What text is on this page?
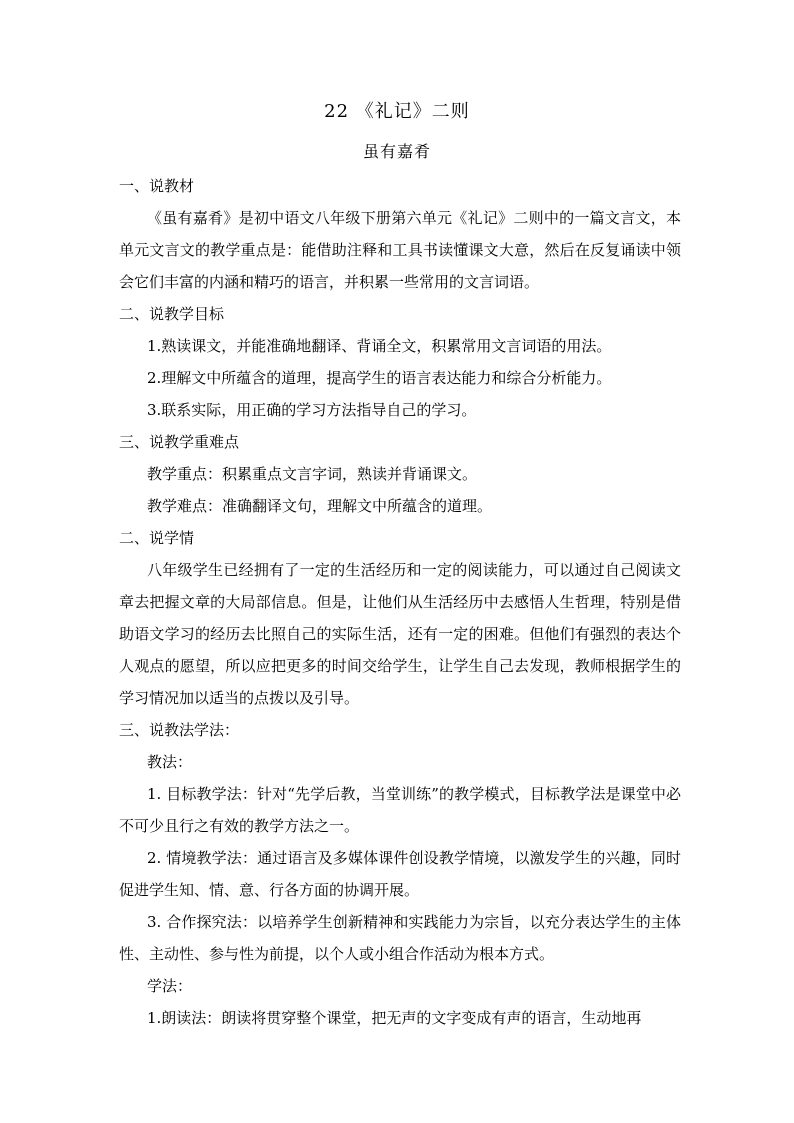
22 《礼记》二则
虽有嘉肴

一、说教材

《虽有嘉肴》是初中语文八年级下册第六单元《礼记》二则中的一篇文言文，本单元文言文的教学重点是：能借助注释和工具书读懂课文大意，然后在反复诵读中领会它们丰富的内涵和精巧的语言，并积累一些常用的文言词语。

二、说教学目标

1.熟读课文，并能准确地翻译、背诵全文，积累常用文言词语的用法。

2.理解文中所蕴含的道理，提高学生的语言表达能力和综合分析能力。

3.联系实际，用正确的学习方法指导自己的学习。

三、说教学重难点

教学重点：积累重点文言字词，熟读并背诵课文。

教学难点：准确翻译文句，理解文中所蕴含的道理。

二、说学情

八年级学生已经拥有了一定的生活经历和一定的阅读能力，可以通过自己阅读文章去把握文章的大局部信息。但是，让他们从生活经历中去感悟人生哲理，特别是借助语文学习的经历去比照自己的实际生活，还有一定的困难。但他们有强烈的表达个人观点的愿望，所以应把更多的时间交给学生，让学生自己去发现，教师根据学生的学习情况加以适当的点拨以及引导。

三、说教法学法：

教法：

1. 目标教学法：针对“先学后教，当堂训练”的教学模式，目标教学法是课堂中必不可少且行之有效的教学方法之一。

2. 情境教学法：通过语言及多媒体课件创设教学情境，以激发学生的兴趣，同时促进学生知、情、意、行各方面的协调开展。

3. 合作探究法：以培养学生创新精神和实践能力为宗旨，以充分表达学生的主体性、主动性、参与性为前提，以个人或小组合作活动为根本方式。

学法：

1.朗读法：朗读将贯穿整个课堂，把无声的文字变成有声的语言，生动地再
